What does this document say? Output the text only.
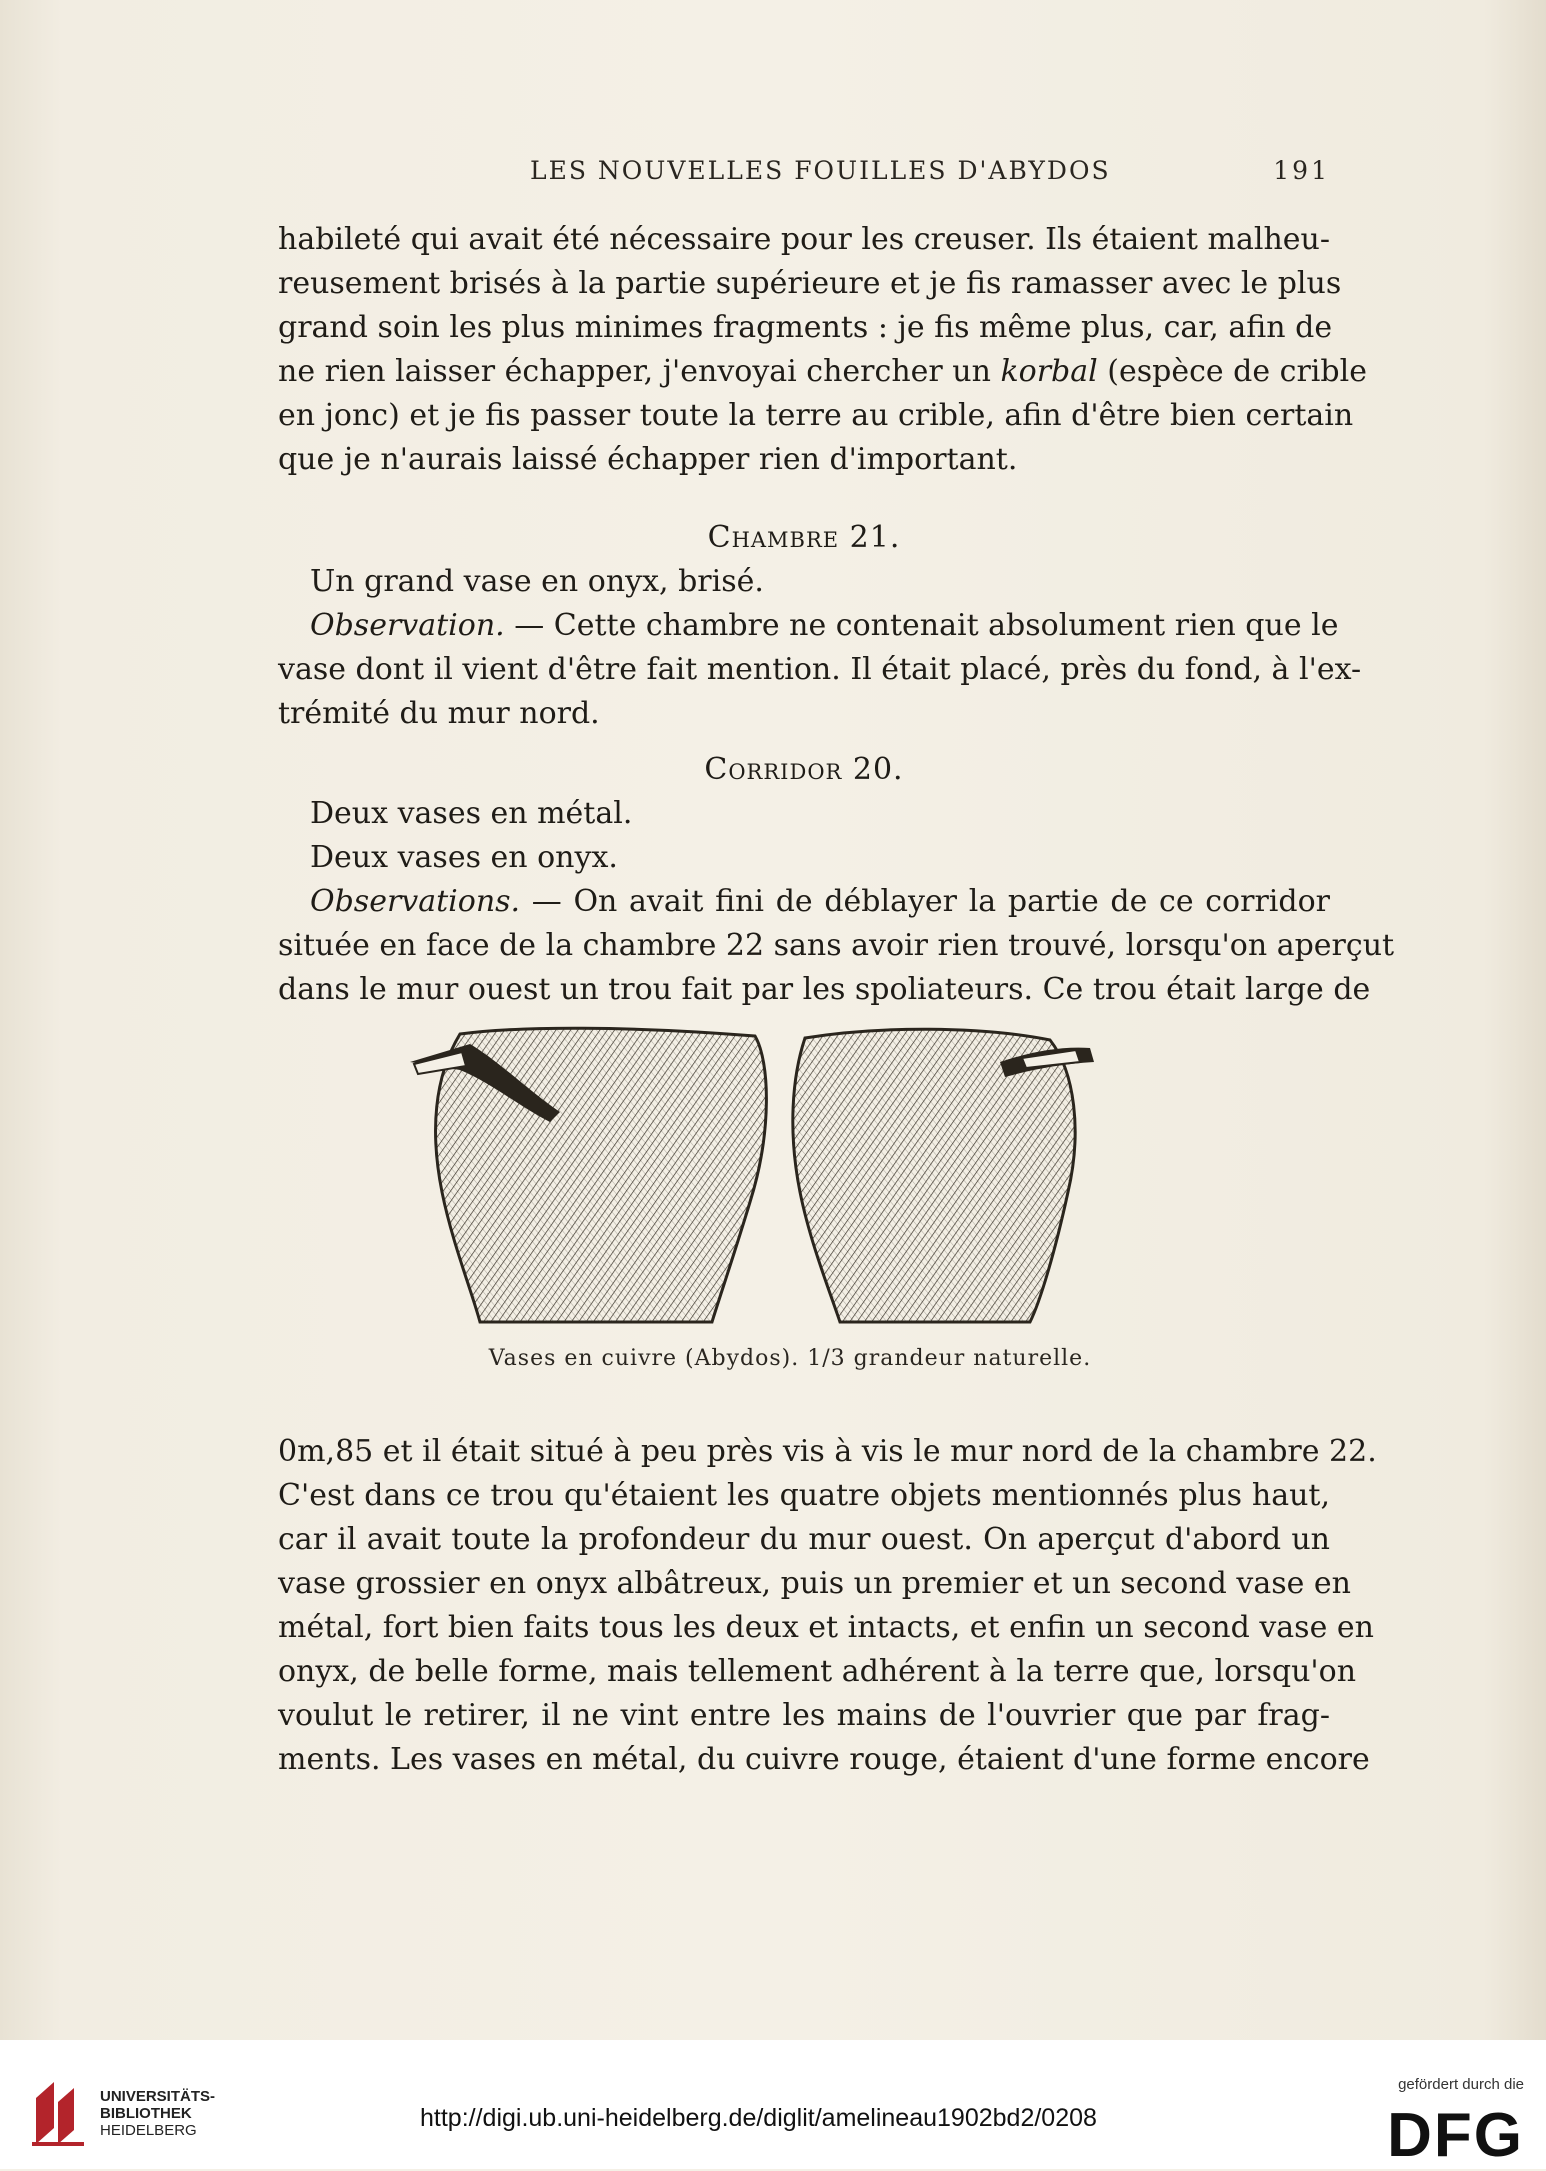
LES NOUVELLES FOUILLES D'ABYDOS	191
habileté qui avait été nécessaire pour les creuser. Ils étaient malheu-
reusement brisés à la partie supérieure et je fis ramasser avec le plus
grand soin les plus minimes fragments : je fis même plus, car, afin de
ne rien laisser échapper, j'envoyai chercher un korbal (espèce de crible
en jonc) et je fis passer toute la terre au crible, afin d'être bien certain
que je n'aurais laissé échapper rien d'important.
Chambre 21.
Un grand vase en onyx, brisé.
Observation. — Cette chambre ne contenait absolument rien que le
vase dont il vient d'être fait mention. Il était placé, près du fond, à l'ex-
trémité du mur nord.
Corridor 20.
Deux vases en métal.
Deux vases en onyx.
Observations. — On avait fini de déblayer la partie de ce corridor
située en face de la chambre 22 sans avoir rien trouvé, lorsqu'on aperçut
dans le mur ouest un trou fait par les spoliateurs. Ce trou était large de
Vases en cuivre (Abydos). 1/3 grandeur naturelle.
0m,85 et il était situé à peu près vis à vis le mur nord de la chambre 22.
C'est dans ce trou qu'étaient les quatre objets mentionnés plus haut,
car il avait toute la profondeur du mur ouest. On aperçut d'abord un
vase grossier en onyx albâtreux, puis un premier et un second vase en
métal, fort bien faits tous les deux et intacts, et enfin un second vase en
onyx, de belle forme, mais tellement adhérent à la terre que, lorsqu'on
voulut le retirer, il ne vint entre les mains de l'ouvrier que par frag-
ments. Les vases en métal, du cuivre rouge, étaient d'une forme encore
UNIVERSITÄTS-
BIBLIOTHEK
HEIDELBERG	http://digi.ub.uni-heidelberg.de/diglit/amelineau1902bd2/0208
gefördert durch die
DFG
